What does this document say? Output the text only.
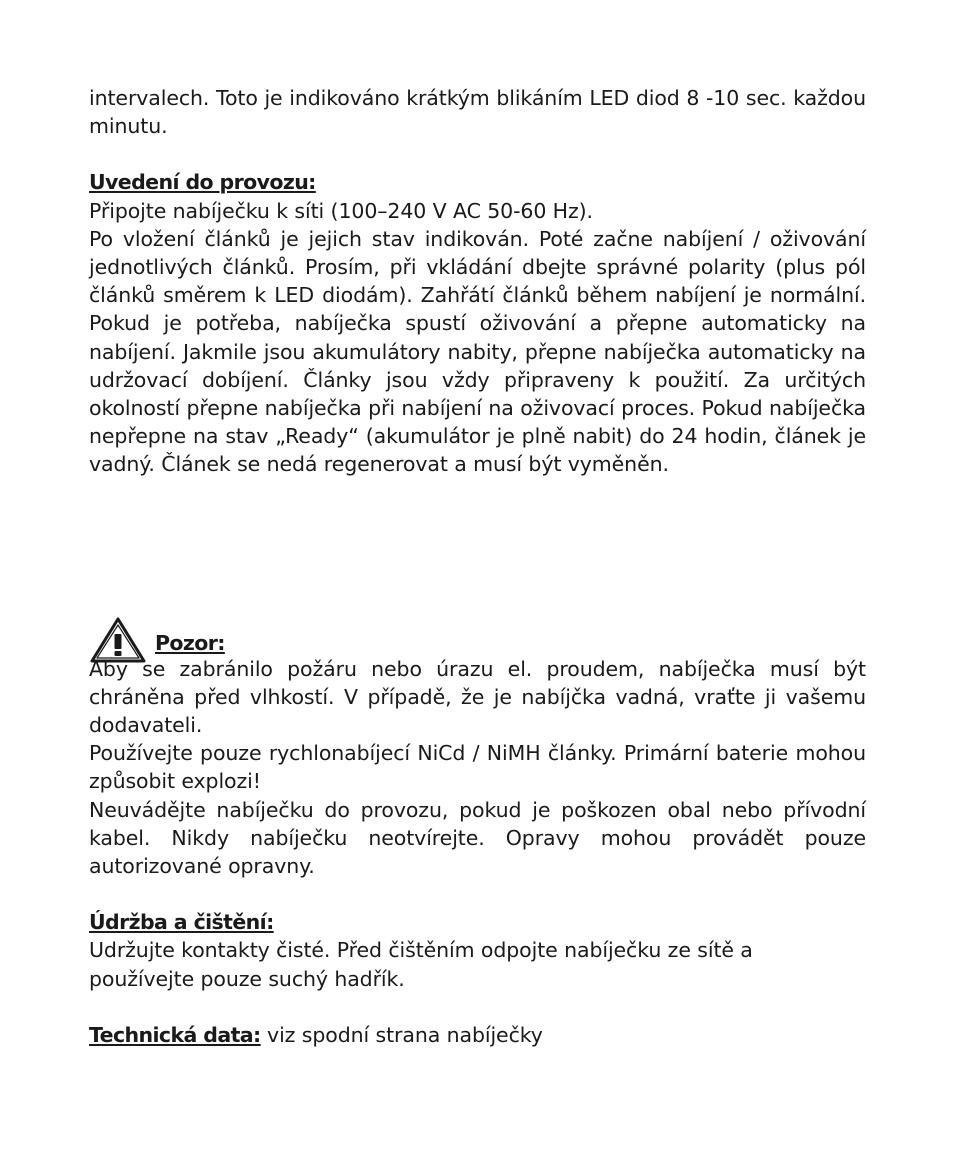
intervalech. Toto je indikováno krátkým blikáním LED diod 8 -10 sec. každou minutu.

Uvedení do provozu:

Připojte nabíječku k síti (100–240 V AC 50-60 Hz).

Po vložení článků je jejich stav indikován. Poté začne nabíjení / oživování jednotlivých článků. Prosím, při vkládání dbejte správné polarity (plus pól článků směrem k LED diodám). Zahřátí článků během nabíjení je normální. Pokud je potřeba, nabíječka spustí oživování a přepne automaticky na nabíjení. Jakmile jsou akumulátory nabity, přepne nabíječka automaticky na udržovací dobíjení. Články jsou vždy připraveny k použití. Za určitých okolností přepne nabíječka při nabíjení na oživovací proces. Pokud nabíječka nepřepne na stav „Ready“ (akumulátor je plně nabit) do 24 hodin, článek je vadný. Článek se nedá regenerovat a musí být vyměněn.

Pozor:

Aby se zabránilo požáru nebo úrazu el. proudem, nabíječka musí být chráněna před vlhkostí. V případě, že je nabíjčka vadná, vraťte ji vašemu dodavateli.

Používejte pouze rychlonabíjecí NiCd / NiMH články. Primární baterie mohou způsobit explozi!

Neuvádějte nabíječku do provozu, pokud je poškozen obal nebo přívodní kabel. Nikdy nabíječku neotvírejte. Opravy mohou provádět pouze autorizované opravny.

Údržba a čištění:

Udržujte kontakty čisté. Před čištěním odpojte nabíječku ze sítě a

používejte pouze suchý hadřík.

Technická data: viz spodní strana nabíječky
